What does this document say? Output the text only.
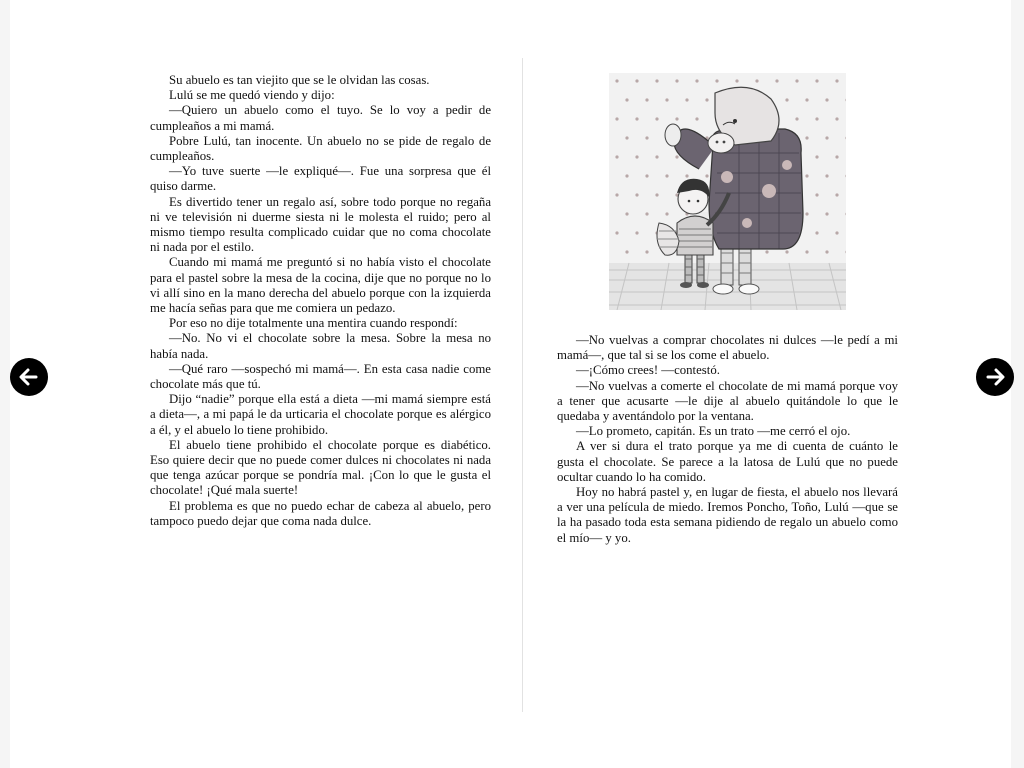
Su abuelo es tan viejito que se le olvidan las cosas.

Lulú se me quedó viendo y dijo:

—Quiero un abuelo como el tuyo. Se lo voy a pedir de cumpleaños a mi mamá.

Pobre Lulú, tan inocente. Un abuelo no se pide de regalo de cumpleaños.

—Yo tuve suerte —le expliqué—. Fue una sorpresa que él quiso darme.

Es divertido tener un regalo así, sobre todo porque no regaña ni ve televisión ni duerme siesta ni le molesta el ruido; pero al mismo tiempo resulta complicado cuidar que no coma chocolate ni nada por el estilo.

Cuando mi mamá me preguntó si no había visto el chocolate para el pastel sobre la mesa de la cocina, dije que no porque no lo vi allí sino en la mano derecha del abuelo porque con la izquierda me hacía señas para que me comiera un pedazo.

Por eso no dije totalmente una mentira cuando respondí:

—No. No vi el chocolate sobre la mesa. Sobre la mesa no había nada.

—Qué raro —sospechó mi mamá—. En esta casa nadie come chocolate más que tú.

Dijo “nadie” porque ella está a dieta —mi mamá siempre está a dieta—, a mi papá le da urticaria el chocolate porque es alérgico a él, y el abuelo lo tiene prohibido.

El abuelo tiene prohibido el chocolate porque es diabético. Eso quiere decir que no puede comer dulces ni chocolates ni nada que tenga azúcar porque se pondría mal. ¡Con lo que le gusta el chocolate! ¡Qué mala suerte!

El problema es que no puedo echar de cabeza al abuelo, pero tampoco puedo dejar que coma nada dulce.

—No vuelvas a comprar chocolates ni dulces —le pedí a mi mamá—, que tal si se los come el abuelo.

—¡Cómo crees! —contestó.

—No vuelvas a comerte el chocolate de mi mamá porque voy a tener que acusarte —le dije al abuelo quitándole lo que le quedaba y aventándolo por la ventana.

—Lo prometo, capitán. Es un trato —me cerró el ojo.

A ver si dura el trato porque ya me di cuenta de cuánto le gusta el chocolate. Se parece a la latosa de Lulú que no puede ocultar cuando lo ha comido.

Hoy no habrá pastel y, en lugar de fiesta, el abuelo nos llevará a ver una película de miedo. Iremos Poncho, Toño, Lulú —que se la ha pasado toda esta semana pidiendo de regalo un abuelo como el mío— y yo.
